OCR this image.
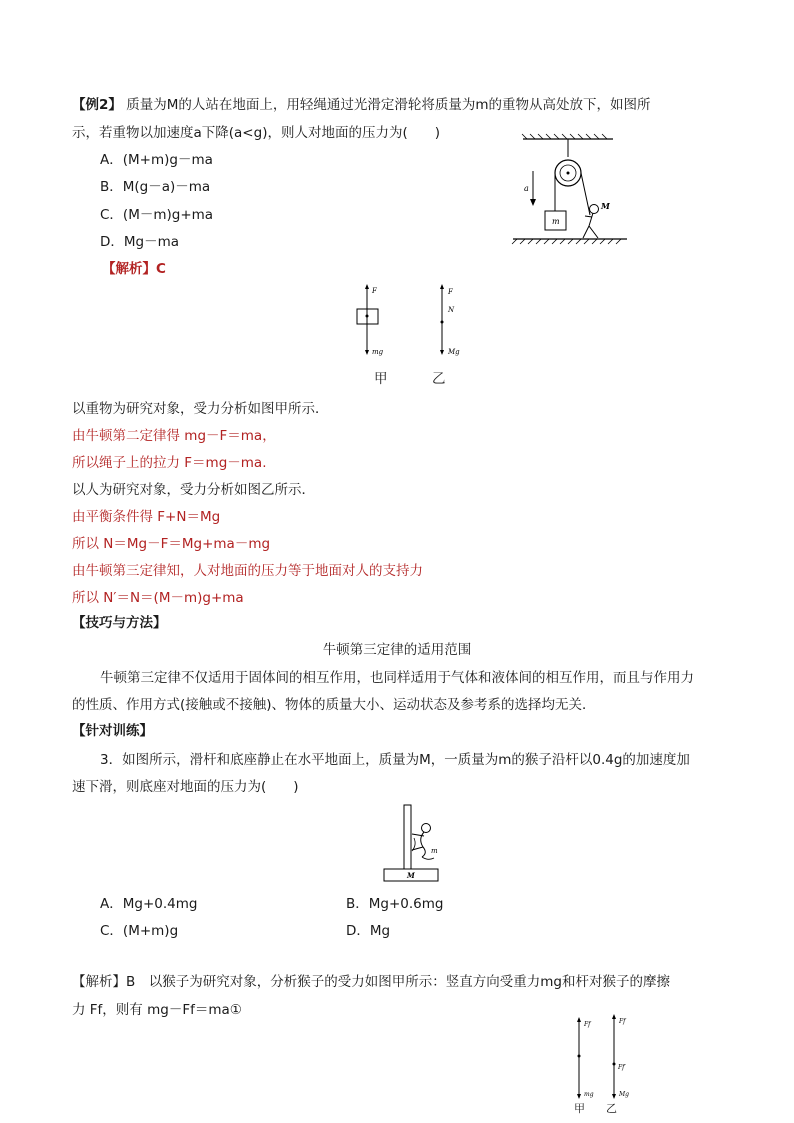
【例2】 质量为M的人站在地面上，用轻绳通过光滑定滑轮将质量为m的重物从高处放下，如图所
示，若重物以加速度a下降(a<g)，则人对地面的压力为(　　)
A．(M+m)g－ma
B．M(g－a)－ma
C．(M－m)g+ma
D．Mg－ma
【解析】C
m
a
M
F
mg
F
N
Mg
甲	乙
以重物为研究对象，受力分析如图甲所示．
由牛顿第二定律得 mg－F＝ma，
所以绳子上的拉力 F＝mg－ma.
以人为研究对象，受力分析如图乙所示．
由平衡条件得 F+N＝Mg
所以 N＝Mg－F＝Mg+ma－mg
由牛顿第三定律知，人对地面的压力等于地面对人的支持力
所以 N′＝N＝(M－m)g+ma
【技巧与方法】
牛顿第三定律的适用范围
牛顿第三定律不仅适用于固体间的相互作用，也同样适用于气体和液体间的相互作用，而且与作用力
的性质、作用方式(接触或不接触)、物体的质量大小、运动状态及参考系的选择均无关．
【针对训练】
3．如图所示，滑杆和底座静止在水平地面上，质量为M，一质量为m的猴子沿杆以0.4g的加速度加
速下滑，则底座对地面的压力为(　　)
M
m
A．Mg+0.4mg	B．Mg+0.6mg
C．(M+m)g	D．Mg
【解析】B　以猴子为研究对象，分析猴子的受力如图甲所示：竖直方向受重力mg和杆对猴子的摩擦
力 Ff，则有 mg－Ff＝ma①
Ff
mg
Ff
Ff′
Mg
甲 乙
